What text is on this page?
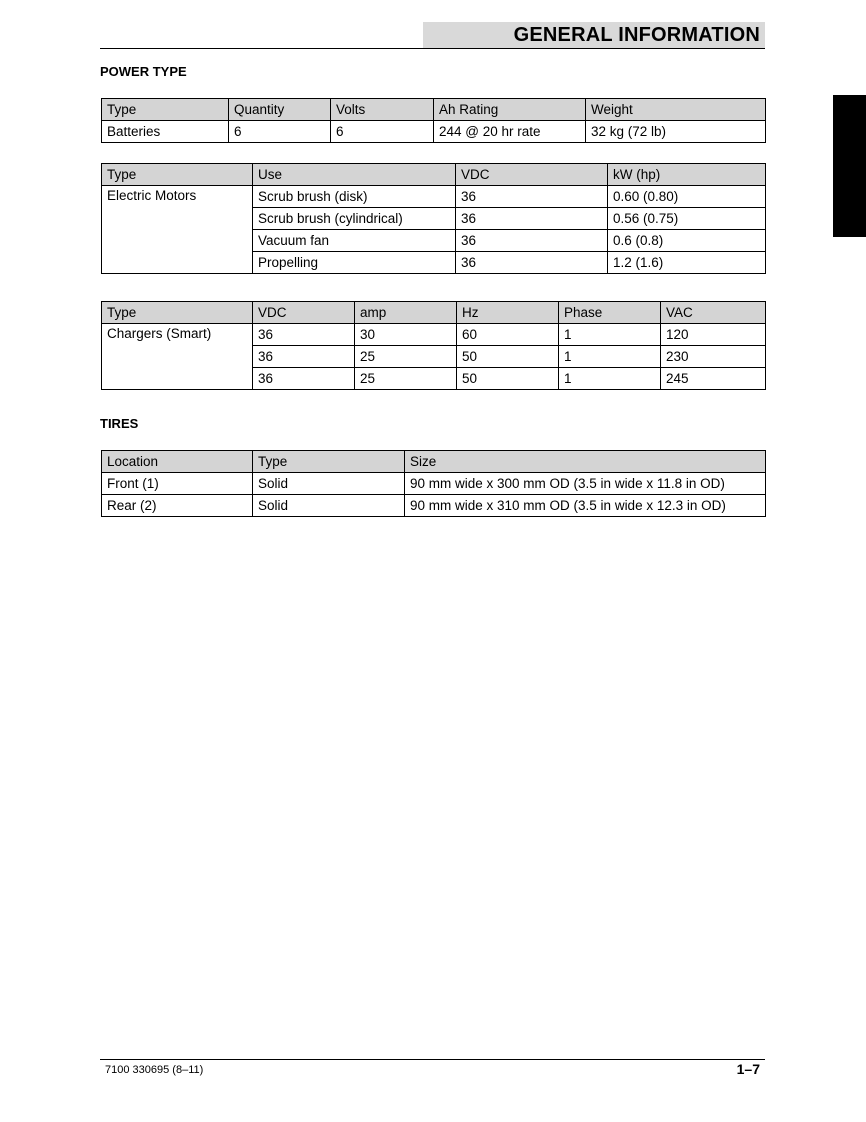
GENERAL INFORMATION
POWER TYPE
Type	Quantity	Volts	Ah Rating	Weight
Batteries	6	6	244 @ 20 hr rate	32 kg (72 lb)
Type	Use	VDC	kW (hp)
Electric Motors	Scrub brush (disk)	36	0.60 (0.80)
	Scrub brush (cylindrical)	36	0.56 (0.75)
	Vacuum fan	36	0.6 (0.8)
	Propelling	36	1.2 (1.6)
Type	VDC	amp	Hz	Phase	VAC
Chargers (Smart)	36	30	60	1	120
	36	25	50	1	230
	36	25	50	1	245
TIRES
Location	Type	Size
Front (1)	Solid	90 mm wide x 300 mm OD (3.5 in wide x 11.8 in OD)
Rear (2)	Solid	90 mm wide x 310 mm OD (3.5 in wide x 12.3 in OD)
7100 330695 (8–11)	1–7
